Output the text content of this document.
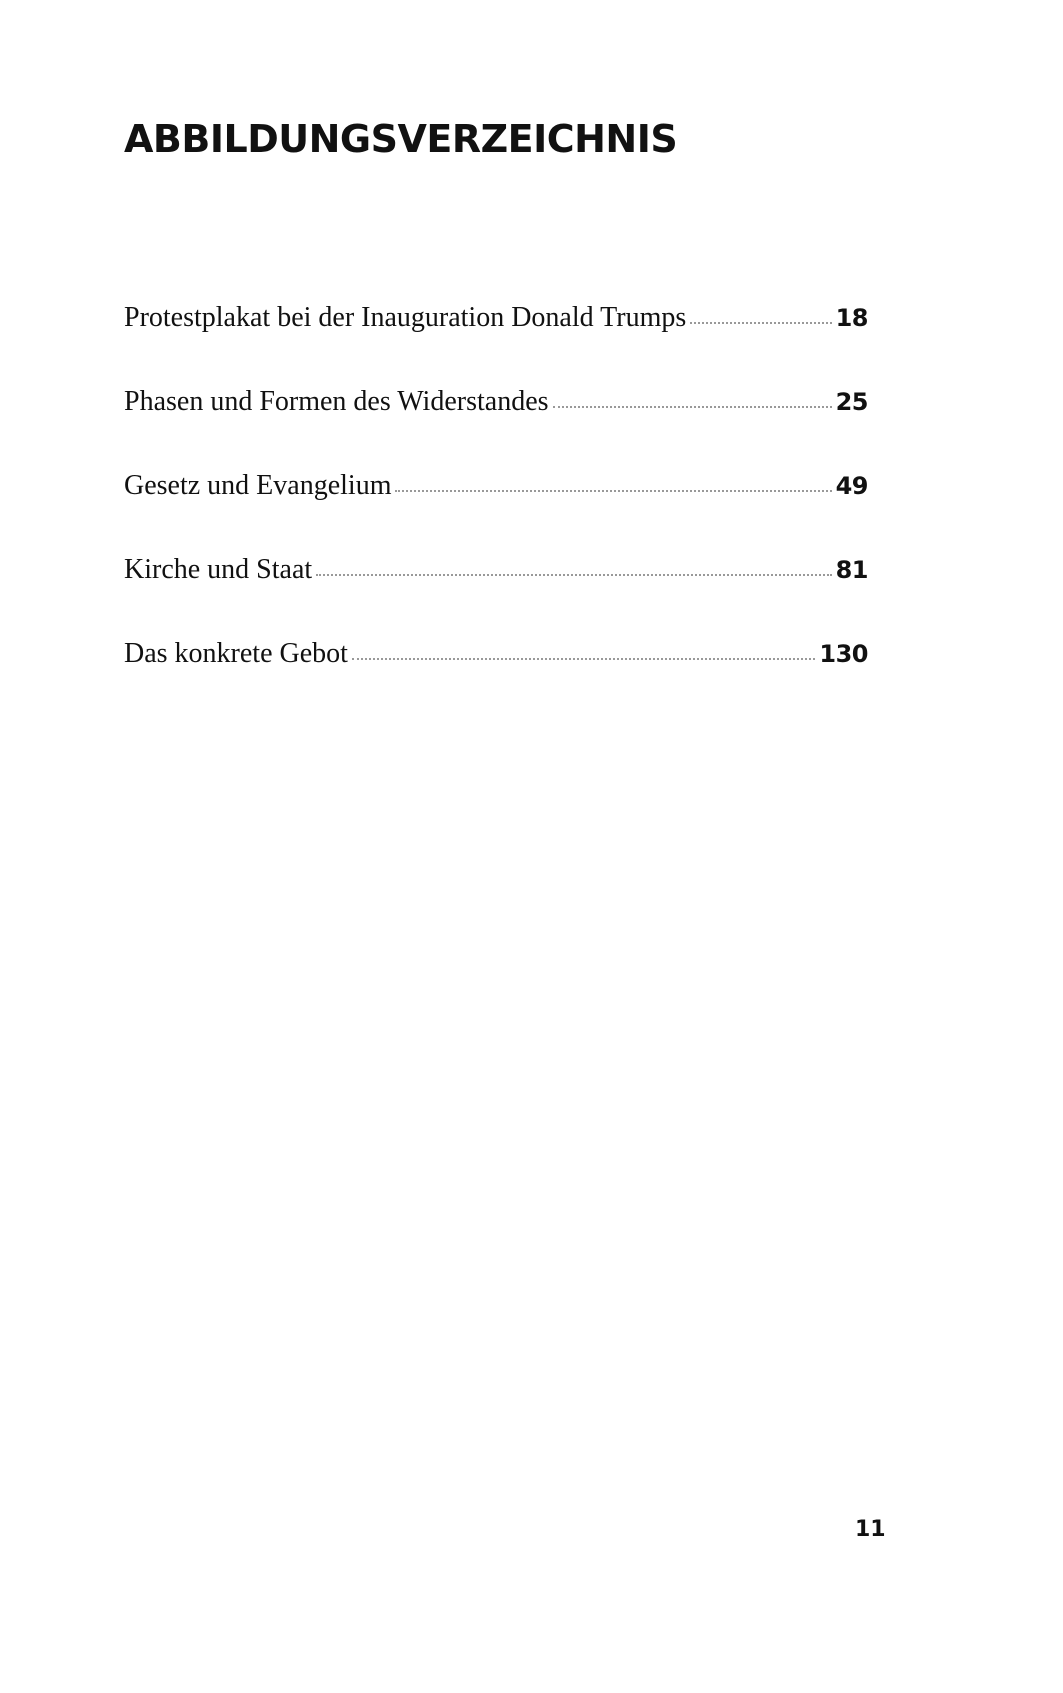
ABBILDUNGSVERZEICHNIS
Protestplakat bei der Inauguration Donald Trumps	18
Phasen und Formen des Widerstandes	25
Gesetz und Evangelium	49
Kirche und Staat	81
Das konkrete Gebot	130
11
